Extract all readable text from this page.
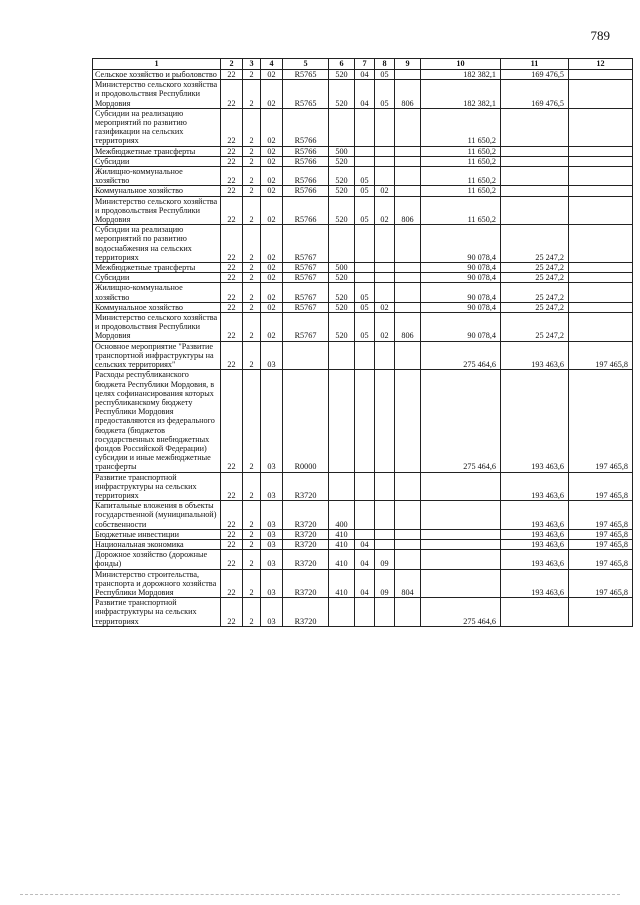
789
1	2	3	4	5	6	7	8	9	10	11	12
Сельское хозяйство и рыболовство	22	2	02	R5765	520	04	05		182 382,1	169 476,5	
Министерство сельского хозяйства и продовольствия Республики Мордовия	22	2	02	R5765	520	04	05	806	182 382,1	169 476,5	
Субсидии на реализацию мероприятий по развитию газификации на сельских территориях	22	2	02	R5766					11 650,2		
Межбюджетные трансферты	22	2	02	R5766	500				11 650,2		
Субсидии	22	2	02	R5766	520				11 650,2		
Жилищно-коммунальное хозяйство	22	2	02	R5766	520	05			11 650,2		
Коммунальное хозяйство	22	2	02	R5766	520	05	02		11 650,2		
Министерство сельского хозяйства и продовольствия Республики Мордовия	22	2	02	R5766	520	05	02	806	11 650,2		
Субсидии на реализацию мероприятий по развитию водоснабжения на сельских территориях	22	2	02	R5767					90 078,4	25 247,2	
Межбюджетные трансферты	22	2	02	R5767	500				90 078,4	25 247,2	
Субсидии	22	2	02	R5767	520				90 078,4	25 247,2	
Жилищно-коммунальное хозяйство	22	2	02	R5767	520	05			90 078,4	25 247,2	
Коммунальное хозяйство	22	2	02	R5767	520	05	02		90 078,4	25 247,2	
Министерство сельского хозяйства и продовольствия Республики Мордовия	22	2	02	R5767	520	05	02	806	90 078,4	25 247,2	
Основное мероприятие "Развитие транспортной инфраструктуры на сельских территориях"	22	2	03						275 464,6	193 463,6	197 465,8
Расходы республиканского бюджета Республики Мордовия, в целях софинансирования которых республиканскому бюджету Республики Мордовия предоставляются из федерального бюджета (бюджетов государственных внебюджетных фондов Российской Федерации) субсидии и иные межбюджетные трансферты	22	2	03	R0000					275 464,6	193 463,6	197 465,8
Развитие транспортной инфраструктуры на сельских территориях	22	2	03	R3720						193 463,6	197 465,8
Капитальные вложения в объекты государственной (муниципальной) собственности	22	2	03	R3720	400					193 463,6	197 465,8
Бюджетные инвестиции	22	2	03	R3720	410					193 463,6	197 465,8
Национальная экономика	22	2	03	R3720	410	04				193 463,6	197 465,8
Дорожное хозяйство (дорожные фонды)	22	2	03	R3720	410	04	09			193 463,6	197 465,8
Министерство строительства, транспорта и дорожного хозяйства Республики Мордовия	22	2	03	R3720	410	04	09	804		193 463,6	197 465,8
Развитие транспортной инфраструктуры на сельских территориях	22	2	03	R3720					275 464,6		
